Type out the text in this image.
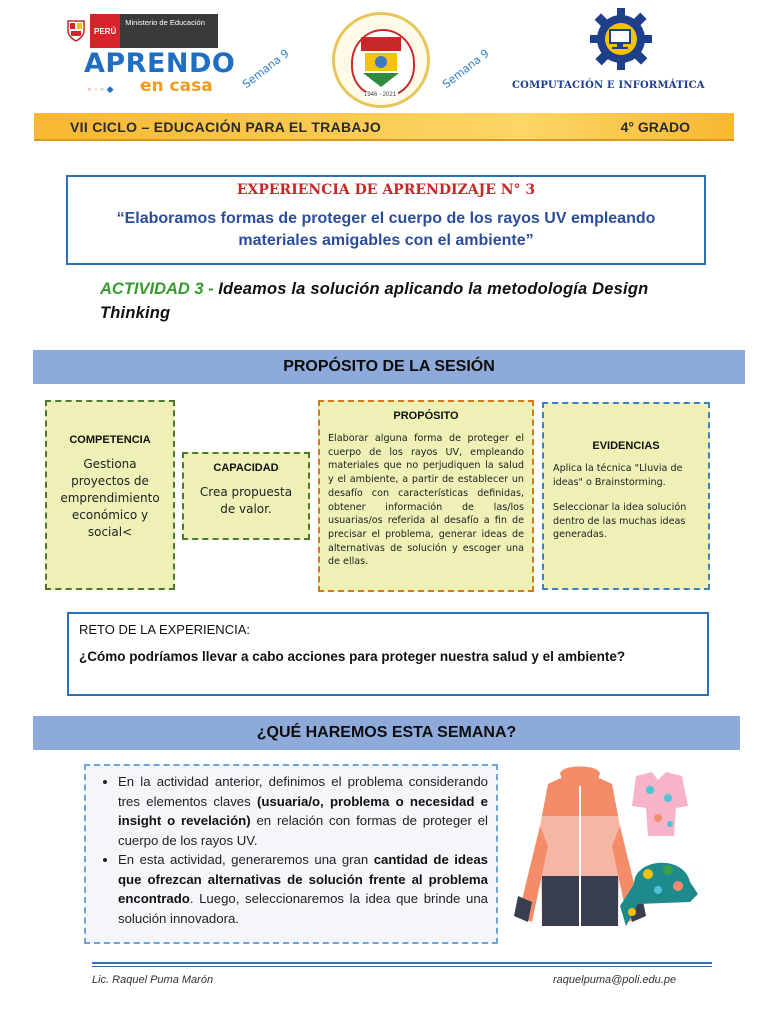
PERÚ
Ministerio de Educación
APRENDO
▫◦▫◆ en casa Semana 9
1946 - 2021
Semana 9 COMPUTACIÓN E INFORMÁTICA
VII CICLO – EDUCACIÓN PARA EL TRABAJO	4° GRADO
EXPERIENCIA DE APRENDIZAJE N° 3
“Elaboramos formas de proteger el cuerpo de los rayos UV empleando materiales amigables con el ambiente”
ACTIVIDAD 3 - Ideamos la solución aplicando la metodología Design Thinking
PROPÓSITO DE LA SESIÓN
COMPETENCIA
Gestiona proyectos de emprendimiento económico y social<
CAPACIDAD
Crea propuesta de valor.
PROPÓSITO
Elaborar alguna forma de proteger el cuerpo de los rayos UV, empleando materiales que no perjudiquen la salud y el ambiente, a partir de establecer un desafío con características definidas, obtener información de las/los usuarias/os referida al desafío a fin de precisar el problema, generar ideas de alternativas de solución y escoger una de ellas.
EVIDENCIAS
Aplica la técnica "Lluvia de ideas" o Brainstorming.
Seleccionar la idea solución dentro de las muchas ideas generadas.
RETO DE LA EXPERIENCIA:
¿Cómo podríamos llevar a cabo acciones para proteger nuestra salud y el ambiente?
¿QUÉ HAREMOS ESTA SEMANA?
• En la actividad anterior, definimos el problema considerando tres elementos claves (usuaria/o, problema o necesidad e insight o revelación) en relación con formas de proteger el cuerpo de los rayos UV.
• En esta actividad, generaremos una gran cantidad de ideas que ofrezcan alternativas de solución frente al problema encontrado. Luego, seleccionaremos la idea que brinde una solución innovadora.
Lic. Raquel Puma Marón	raquelpuma@poli.edu.pe
